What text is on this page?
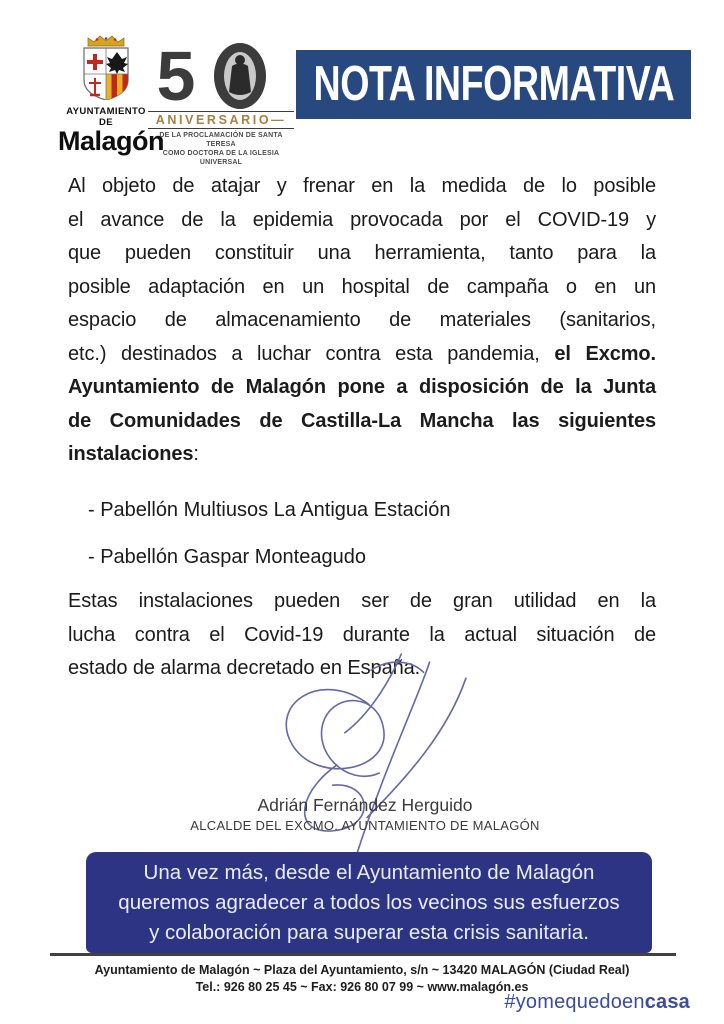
AYUNTAMIENTO DE
Malagón
5
ANIVERSARIO—
DE LA PROCLAMACIÓN DE SANTA TERESA
COMO DOCTORA DE LA IGLESIA UNIVERSAL
NOTA INFORMATIVA
Al objeto de atajar y frenar en la medida de lo posible
el avance de la epidemia provocada por el COVID-19 y
que pueden constituir una herramienta, tanto para la
posible adaptación en un hospital de campaña o en un
espacio de almacenamiento de materiales (sanitarios,
etc.) destinados a luchar contra esta pandemia, el Excmo.
Ayuntamiento de Malagón pone a disposición de la Junta
de Comunidades de Castilla-La Mancha las siguientes
instalaciones:
- Pabellón Multiusos La Antigua Estación
- Pabellón Gaspar Monteagudo
Estas instalaciones pueden ser de gran utilidad en la
lucha contra el Covid-19 durante la actual situación de
estado de alarma decretado en España.
Adrián Fernández Herguido
ALCALDE DEL EXCMO. AYUNTAMIENTO DE MALAGÓN
Una vez más, desde el Ayuntamiento de Malagón
queremos agradecer a todos los vecinos sus esfuerzos
y colaboración para superar esta crisis sanitaria.
Ayuntamiento de Malagón ~ Plaza del Ayuntamiento, s/n ~ 13420 MALAGÓN (Ciudad Real)
Tel.: 926 80 25 45 ~ Fax: 926 80 07 99 ~ www.malagón.es
#yomequedoencasa
